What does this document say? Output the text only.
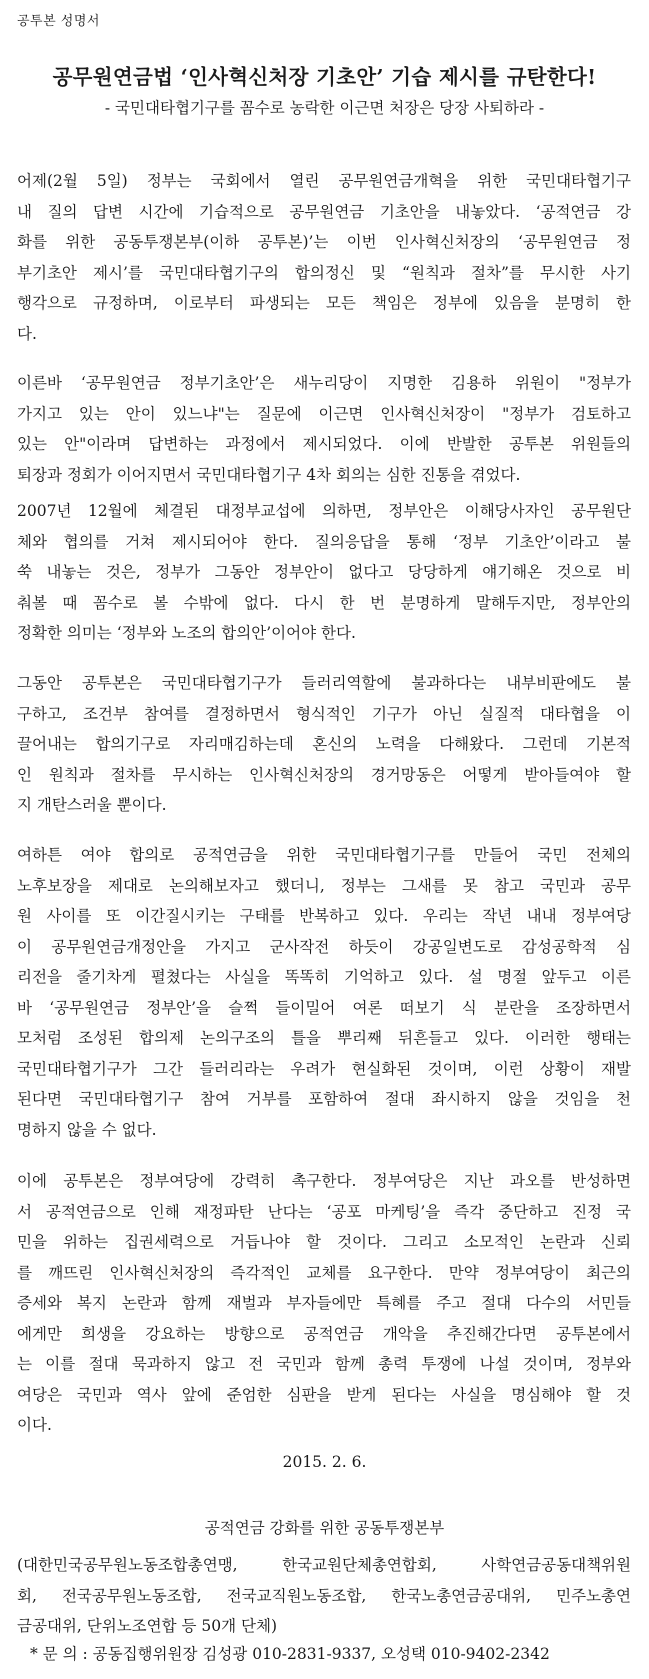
공투본 성명서
공무원연금법 ‘인사혁신처장 기초안’ 기습 제시를 규탄한다!
- 국민대타협기구를 꼼수로 농락한 이근면 처장은 당장 사퇴하라 -
어제(2월 5일) 정부는 국회에서 열린 공무원연금개혁을 위한 국민대타협기구
내 질의 답변 시간에 기습적으로 공무원연금 기초안을 내놓았다. ‘공적연금 강
화를 위한 공동투쟁본부(이하 공투본)’는 이번 인사혁신처장의 ‘공무원연금 정
부기초안 제시’를 국민대타협기구의 합의정신 및 “원칙과 절차”를 무시한 사기
행각으로 규정하며, 이로부터 파생되는 모든 책임은 정부에 있음을 분명히 한
다.
이른바 ‘공무원연금 정부기초안’은 새누리당이 지명한 김용하 위원이 "정부가
가지고 있는 안이 있느냐"는 질문에 이근면 인사혁신처장이 "정부가 검토하고
있는 안"이라며 답변하는 과정에서 제시되었다. 이에 반발한 공투본 위원들의
퇴장과 정회가 이어지면서 국민대타협기구 4차 회의는 심한 진통을 겪었다.
2007년 12월에 체결된 대정부교섭에 의하면, 정부안은 이해당사자인 공무원단
체와 협의를 거쳐 제시되어야 한다. 질의응답을 통해 ‘정부 기초안’이라고 불
쑥 내놓는 것은, 정부가 그동안 정부안이 없다고 당당하게 얘기해온 것으로 비
춰볼 때 꼼수로 볼 수밖에 없다. 다시 한 번 분명하게 말해두지만, 정부안의
정확한 의미는 ‘정부와 노조의 합의안’이어야 한다.
그동안 공투본은 국민대타협기구가 들러리역할에 불과하다는 내부비판에도 불
구하고, 조건부 참여를 결정하면서 형식적인 기구가 아닌 실질적 대타협을 이
끌어내는 합의기구로 자리매김하는데 혼신의 노력을 다해왔다. 그런데 기본적
인 원칙과 절차를 무시하는 인사혁신처장의 경거망동은 어떻게 받아들여야 할
지 개탄스러울 뿐이다.
여하튼 여야 합의로 공적연금을 위한 국민대타협기구를 만들어 국민 전체의
노후보장을 제대로 논의해보자고 했더니, 정부는 그새를 못 참고 국민과 공무
원 사이를 또 이간질시키는 구태를 반복하고 있다. 우리는 작년 내내 정부여당
이 공무원연금개정안을 가지고 군사작전 하듯이 강공일변도로 감성공학적 심
리전을 줄기차게 펼쳤다는 사실을 똑똑히 기억하고 있다. 설 명절 앞두고 이른
바 ‘공무원연금 정부안’을 슬쩍 들이밀어 여론 떠보기 식 분란을 조장하면서
모처럼 조성된 합의제 논의구조의 틀을 뿌리째 뒤흔들고 있다. 이러한 행태는
국민대타협기구가 그간 들러리라는 우려가 현실화된 것이며, 이런 상황이 재발
된다면 국민대타협기구 참여 거부를 포함하여 절대 좌시하지 않을 것임을 천
명하지 않을 수 없다.
이에 공투본은 정부여당에 강력히 촉구한다. 정부여당은 지난 과오를 반성하면
서 공적연금으로 인해 재정파탄 난다는 ‘공포 마케팅’을 즉각 중단하고 진정 국
민을 위하는 집권세력으로 거듭나야 할 것이다. 그리고 소모적인 논란과 신뢰
를 깨뜨린 인사혁신처장의 즉각적인 교체를 요구한다. 만약 정부여당이 최근의
증세와 복지 논란과 함께 재벌과 부자들에만 특혜를 주고 절대 다수의 서민들
에게만 희생을 강요하는 방향으로 공적연금 개악을 추진해간다면 공투본에서
는 이를 절대 묵과하지 않고 전 국민과 함께 총력 투쟁에 나설 것이며, 정부와
여당은 국민과 역사 앞에 준엄한 심판을 받게 된다는 사실을 명심해야 할 것
이다.
2015. 2. 6.
공적연금 강화를 위한 공동투쟁본부
(대한민국공무원노동조합총연맹, 한국교원단체총연합회, 사학연금공동대책위원
회, 전국공무원노동조합, 전국교직원노동조합, 한국노총연금공대위, 민주노총연
금공대위, 단위노조연합 등 50개 단체)
* 문 의 : 공동집행위원장 김성광 010-2831-9337, 오성택 010-9402-2342
